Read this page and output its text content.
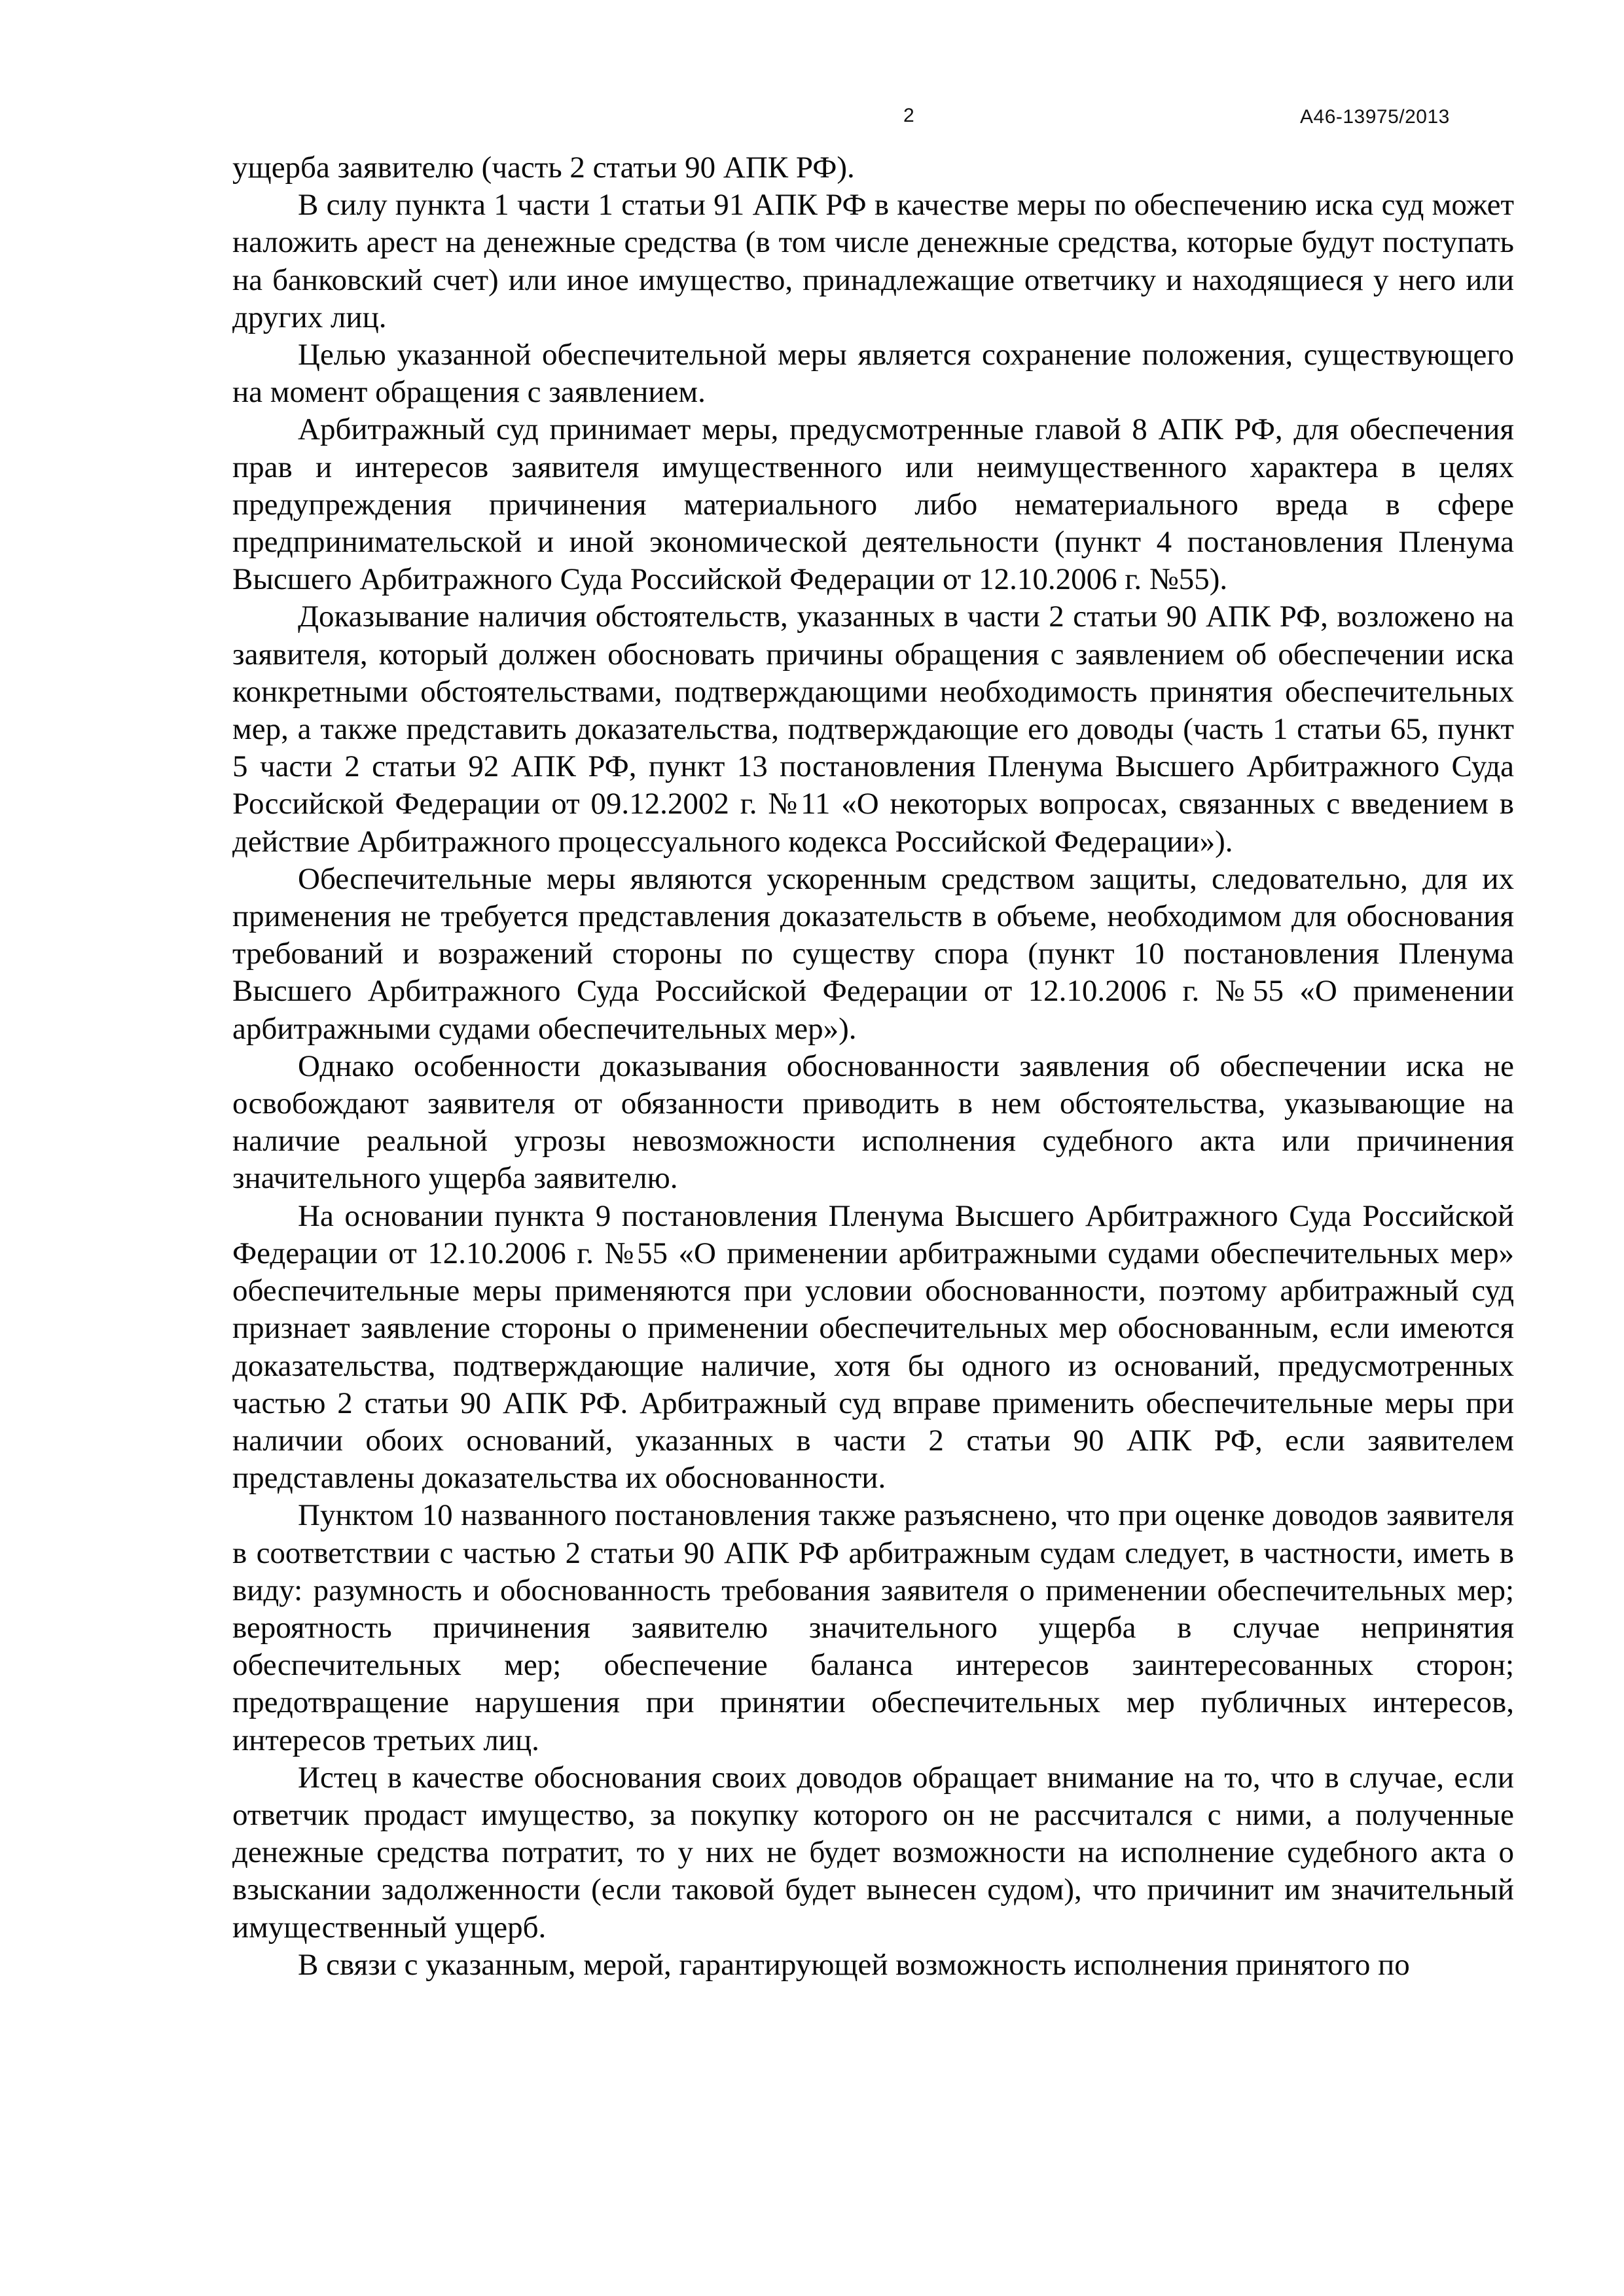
2	А46-13975/2013

ущерба заявителю (часть 2 статьи 90 АПК РФ).

В силу пункта 1 части 1 статьи 91 АПК РФ в качестве меры по обеспечению иска суд может наложить арест на денежные средства (в том числе денежные средства, которые будут поступать на банковский счет) или иное имущество, принадлежащие ответчику и находящиеся у него или других лиц.

Целью указанной обеспечительной меры является сохранение положения, существующего на момент обращения с заявлением.

Арбитражный суд принимает меры, предусмотренные главой 8 АПК РФ, для обеспечения прав и интересов заявителя имущественного или неимущественного характера в целях предупреждения причинения материального либо нематериального вреда в сфере предпринимательской и иной экономической деятельности (пункт 4 постановления Пленума Высшего Арбитражного Суда Российской Федерации от 12.10.2006 г. №55).

Доказывание наличия обстоятельств, указанных в части 2 статьи 90 АПК РФ, возложено на заявителя, который должен обосновать причины обращения с заявлением об обеспечении иска конкретными обстоятельствами, подтверждающими необходимость принятия обеспечительных мер, а также представить доказательства, подтверждающие его доводы (часть 1 статьи 65, пункт 5 части 2 статьи 92 АПК РФ, пункт 13 постановления Пленума Высшего Арбитражного Суда Российской Федерации от 09.12.2002 г. №11 «О некоторых вопросах, связанных с введением в действие Арбитражного процессуального кодекса Российской Федерации»).

Обеспечительные меры являются ускоренным средством защиты, следовательно, для их применения не требуется представления доказательств в объеме, необходимом для обоснования требований и возражений стороны по существу спора (пункт 10 постановления Пленума Высшего Арбитражного Суда Российской Федерации от 12.10.2006 г. №55 «О применении арбитражными судами обеспечительных мер»).

Однако особенности доказывания обоснованности заявления об обеспечении иска не освобождают заявителя от обязанности приводить в нем обстоятельства, указывающие на наличие реальной угрозы невозможности исполнения судебного акта или причинения значительного ущерба заявителю.

На основании пункта 9 постановления Пленума Высшего Арбитражного Суда Российской Федерации от 12.10.2006 г. №55 «О применении арбитражными судами обеспечительных мер» обеспечительные меры применяются при условии обоснованности, поэтому арбитражный суд признает заявление стороны о применении обеспечительных мер обоснованным, если имеются доказательства, подтверждающие наличие, хотя бы одного из оснований, предусмотренных частью 2 статьи 90 АПК РФ. Арбитражный суд вправе применить обеспечительные меры при наличии обоих оснований, указанных в части 2 статьи 90 АПК РФ, если заявителем представлены доказательства их обоснованности.

Пунктом 10 названного постановления также разъяснено, что при оценке доводов заявителя в соответствии с частью 2 статьи 90 АПК РФ арбитражным судам следует, в частности, иметь в виду: разумность и обоснованность требования заявителя о применении обеспечительных мер; вероятность причинения заявителю значительного ущерба в случае непринятия обеспечительных мер; обеспечение баланса интересов заинтересованных сторон; предотвращение нарушения при принятии обеспечительных мер публичных интересов, интересов третьих лиц.

Истец в качестве обоснования своих доводов обращает внимание на то, что в случае, если ответчик продаст имущество, за покупку которого он не рассчитался с ними, а полученные денежные средства потратит, то у них не будет возможности на исполнение судебного акта о взыскании задолженности (если таковой будет вынесен судом), что причинит им значительный имущественный ущерб.

В связи с указанным, мерой, гарантирующей возможность исполнения принятого по
